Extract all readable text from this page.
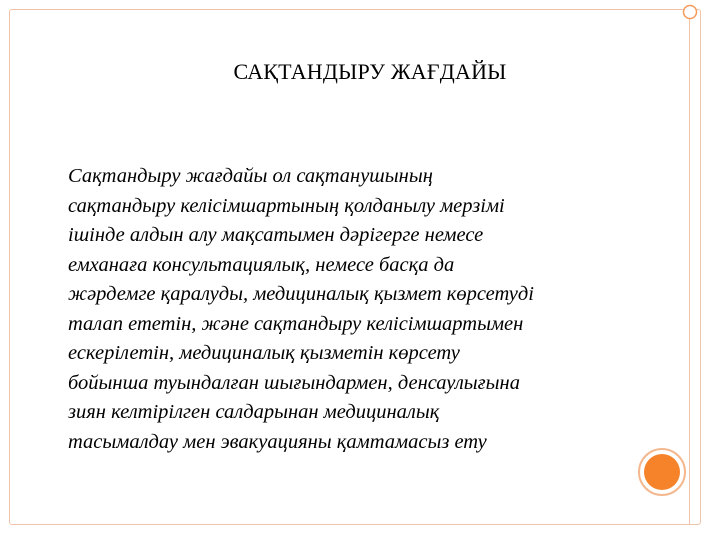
САҚТАНДЫРУ ЖАҒДАЙЫ
Сақтандыру жағдайы ол сақтанушының
сақтандыру келісімшартының қолданылу мерзімі
ішінде алдын алу мақсатымен дәрігерге немесе
емханаға консультациялық, немесе басқа да
жәрдемге қаралуды, медициналық қызмет көрсетуді
талап ететін, және сақтандыру келісімшартымен
ескерілетін, медициналық қызметін көрсету
бойынша туындалған шығындармен, денсаулығына
зиян келтірілген салдарынан медициналық
тасымалдау мен эвакуацияны қамтамасыз ету
